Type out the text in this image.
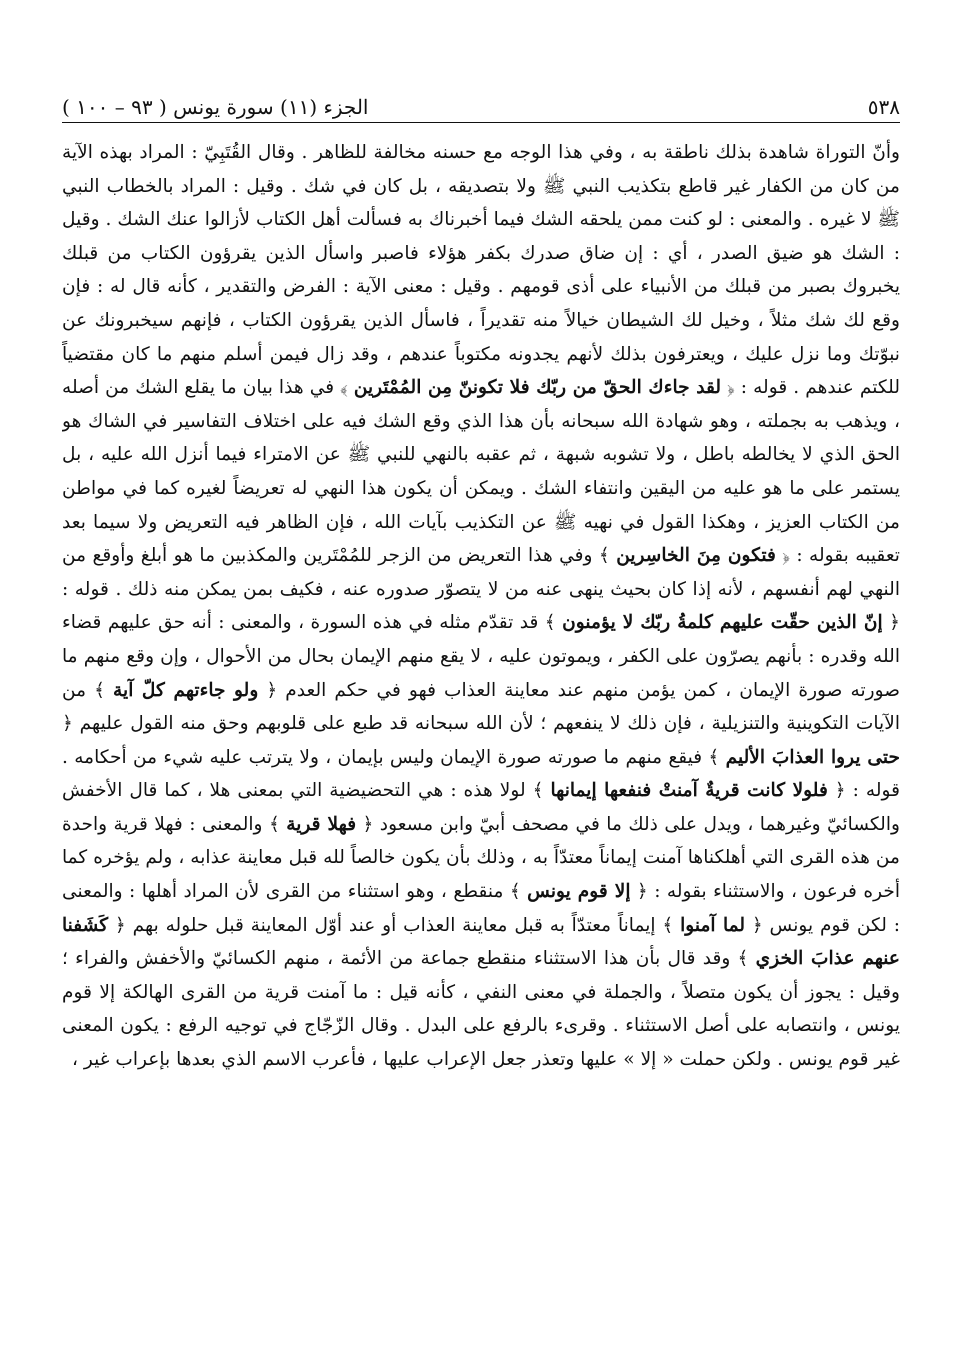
٥٣٨
الجزء (١١) سورة يونس ( ٩٣ – ١٠٠ )

وأنّ التوراة شاهدة بذلك ناطقة به ، وفي هذا الوجه مع حسنه مخالفة للظاهر . وقال القُتَبِيّ : المراد بهذه الآية من كان من الكفار غير قاطع بتكذيب النبي ﷺ ولا بتصديقه ، بل كان في شك . وقيل : المراد بالخطاب النبي ﷺ لا غيره . والمعنى : لو كنت ممن يلحقه الشك فيما أخبرناك به فسألت أهل الكتاب لأزالوا عنك الشك . وقيل : الشك هو ضيق الصدر ، أي : إن ضاق صدرك بكفر هؤلاء فاصبر واسأل الذين يقرؤون الكتاب من قبلك يخبروك بصبر من قبلك من الأنبياء على أذى قومهم . وقيل : معنى الآية : الفرض والتقدير ، كأنه قال له : فإن وقع لك شك مثلاً ، وخيل لك الشيطان خيالاً منه تقديراً ، فاسأل الذين يقرؤون الكتاب ، فإنهم سيخبرونك عن نبوّتك وما نزل عليك ، ويعترفون بذلك لأنهم يجدونه مكتوباً عندهم ، وقد زال فيمن أسلم منهم ما كان مقتضياً للكتم عندهم . قوله : ﴿ لقد جاءك الحقّ من ربّك فلا تكوننّ مِن المُمْتَرين ﴾ في هذا بيان ما يقلع الشك من أصله ، ويذهب به بجملته ، وهو شهادة الله سبحانه بأن هذا الذي وقع الشك فيه على اختلاف التفاسير في الشاك هو الحق الذي لا يخالطه باطل ، ولا تشوبه شبهة ، ثم عقبه بالنهي للنبي ﷺ عن الامتراء فيما أنزل الله عليه ، بل يستمر على ما هو عليه من اليقين وانتفاء الشك . ويمكن أن يكون هذا النهي له تعريضاً لغيره كما في مواطن من الكتاب العزيز ، وهكذا القول في نهيه ﷺ عن التكذيب بآيات الله ، فإن الظاهر فيه التعريض ولا سيما بعد تعقيبه بقوله : ﴿ فتكون مِنَ الخاسِرين ﴾ وفي هذا التعريض من الزجر للمُمْتَرين والمكذبين ما هو أبلغ وأوقع من النهي لهم أنفسهم ، لأنه إذا كان بحيث ينهى عنه من لا يتصوّر صدوره عنه ، فكيف بمن يمكن منه ذلك . قوله : ﴿ إنّ الذين حقّت عليهم كلمةُ ربّك لا يؤمنون ﴾ قد تقدّم مثله في هذه السورة ، والمعنى : أنه حق عليهم قضاء الله وقدره : بأنهم يصرّون على الكفر ، ويموتون عليه ، لا يقع منهم الإيمان بحال من الأحوال ، وإن وقع منهم ما صورته صورة الإيمان ، كمن يؤمن منهم عند معاينة العذاب فهو في حكم العدم ﴿ ولو جاءتهم كلّ آية ﴾ من الآيات التكوينية والتنزيلية ، فإن ذلك لا ينفعهم ؛ لأن الله سبحانه قد طبع على قلوبهم وحق منه القول عليهم ﴿ حتى يروا العذابَ الأليم ﴾ فيقع منهم ما صورته صورة الإيمان وليس بإيمان ، ولا يترتب عليه شيء من أحكامه . قوله : ﴿ فلولا كانت قريةٌ آمنتْ فنفعها إيمانها ﴾ لولا هذه : هي التحضيضية التي بمعنى هلا ، كما قال الأخفش والكسائيّ وغيرهما ، ويدل على ذلك ما في مصحف أبيّ وابن مسعود ﴿ فهلا قرية ﴾ والمعنى : فهلا قرية واحدة من هذه القرى التي أهلكناها آمنت إيماناً معتدّاً به ، وذلك بأن يكون خالصاً لله قبل معاينة عذابه ، ولم يؤخره كما أخره فرعون ، والاستثناء بقوله : ﴿ إلا قوم يونس ﴾ منقطع ، وهو استثناء من القرى لأن المراد أهلها : والمعنى : لكن قوم يونس ﴿ لما آمنوا ﴾ إيماناً معتدّاً به قبل معاينة العذاب أو عند أوّل المعاينة قبل حلوله بهم ﴿ كَشَفنا عنهم عذابَ الخزي ﴾ وقد قال بأن هذا الاستثناء منقطع جماعة من الأئمة ، منهم الكسائيّ والأخفش والفراء ؛ وقيل : يجوز أن يكون متصلاً ، والجملة في معنى النفي ، كأنه قيل : ما آمنت قرية من القرى الهالكة إلا قوم يونس ، وانتصابه على أصل الاستثناء . وقرىء بالرفع على البدل . وقال الزّجّاج في توجيه الرفع : يكون المعنى غير قوم يونس . ولكن حملت « إلا » عليها وتعذر جعل الإعراب عليها ، فأعرب الاسم الذي بعدها بإعراب غير ،
